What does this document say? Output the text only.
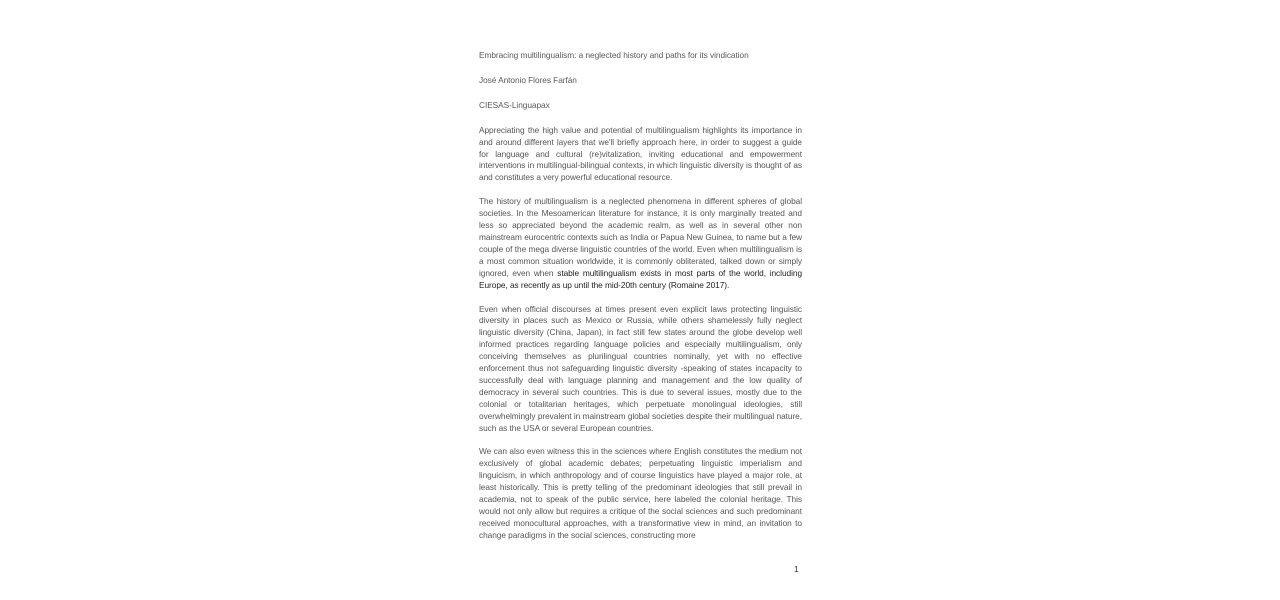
Embracing multilingualism: a neglected history and paths for its vindication

José Antonio Flores Farfán

CIESAS-Linguapax

Appreciating the high value and potential of multilingualism highlights its importance in and around different layers that we'll briefly approach here, in order to suggest a guide for language and cultural (re)vitalization, inviting educational and empowerment interventions in multilingual-bilingual contexts, in which linguistic diversity is thought of as and constitutes a very powerful educational resource.

The history of multilingualism is a neglected phenomena in different spheres of global societies. In the Mesoamerican literature for instance, it is only marginally treated and less so appreciated beyond the academic realm, as well as in several other non mainstream eurocentric contexts such as India or Papua New Guinea, to name but a few couple of the mega diverse linguistic countries of the world. Even when multilingualism is a most common situation worldwide, it is commonly obliterated, talked down or simply ignored, even when stable multilingualism exists in most parts of the world, including Europe, as recently as up until the mid-20th century (Romaine 2017).

Even when official discourses at times present even explicit laws protecting linguistic diversity in places such as Mexico or Russia, while others shamelessly fully neglect linguistic diversity (China, Japan), in fact still few states around the globe develop well informed practices regarding language policies and especially multilingualism, only conceiving themselves as plurilingual countries nominally, yet with no effective enforcement thus not safeguarding linguistic diversity -speaking of states incapacity to successfully deal with language planning and management and the low quality of democracy in several such countries. This is due to several issues, mostly due to the colonial or totalitarian heritages, which perpetuate monolingual ideologies, still overwhelmingly prevalent in mainstream global societies despite their multilingual nature, such as the USA or several European countries.

We can also even witness this in the sciences where English constitutes the medium not exclusively of global academic debates; perpetuating linguistic imperialism and linguicism, in which anthropology and of course linguistics have played a major role, at least historically. This is pretty telling of the predominant ideologies that still prevail in academia, not to speak of the public service, here labeled the colonial heritage. This would not only allow but requires a critique of the social sciences and such predominant received monocultural approaches, with a transformative view in mind, an invitation to change paradigms in the social sciences, constructing more

1
